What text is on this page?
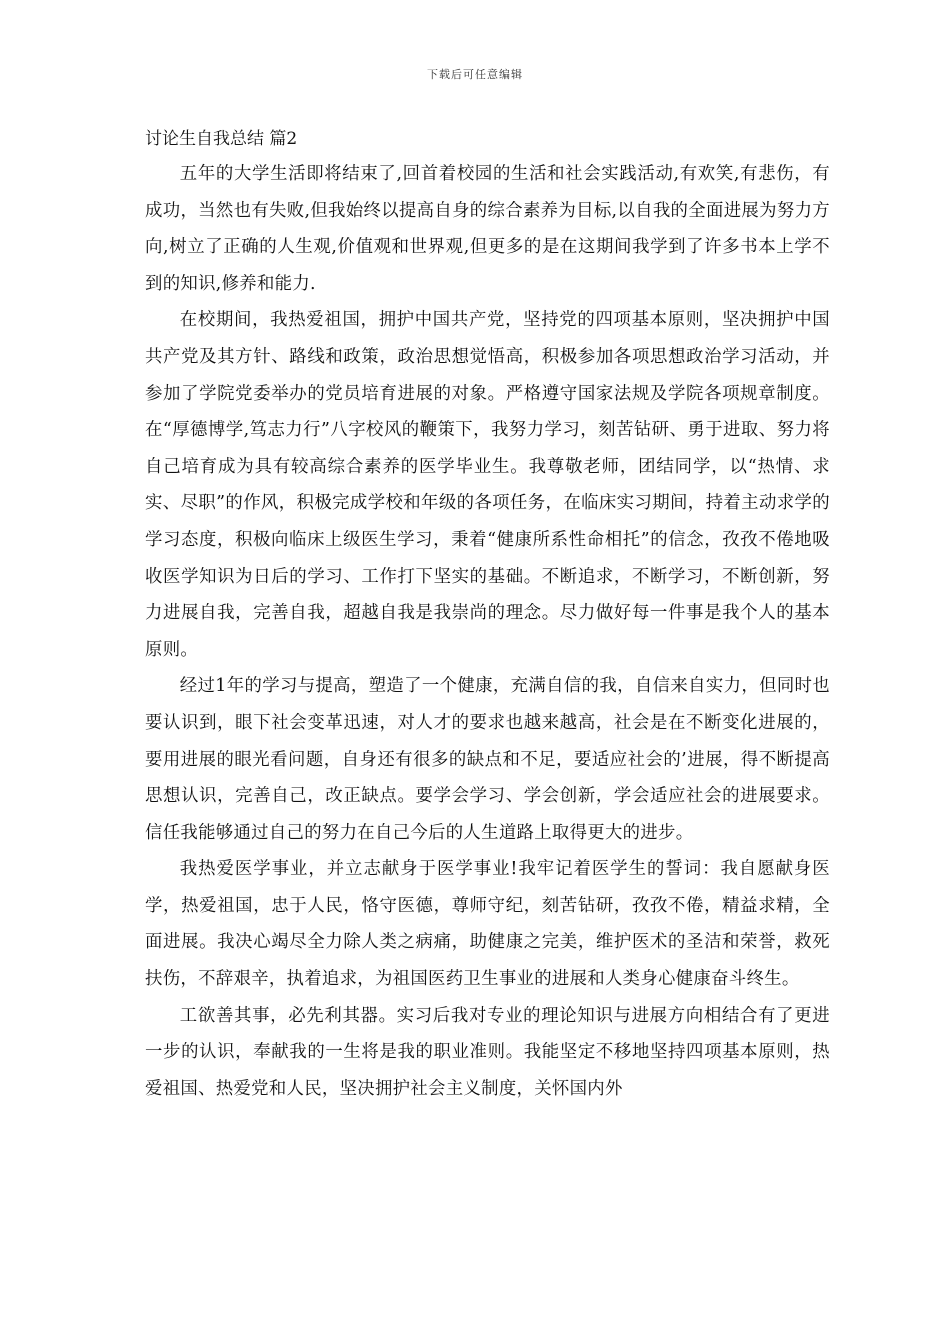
下载后可任意编辑
讨论生自我总结 篇2

五年的大学生活即将结束了,回首着校园的生活和社会实践活动,有欢笑,有悲伤，有成功，当然也有失败,但我始终以提高自身的综合素养为目标,以自我的全面进展为努力方向,树立了正确的人生观,价值观和世界观,但更多的是在这期间我学到了许多书本上学不到的知识,修养和能力.

在校期间，我热爱祖国，拥护中国共产党，坚持党的四项基本原则，坚决拥护中国共产党及其方针、路线和政策，政治思想觉悟高，积极参加各项思想政治学习活动，并参加了学院党委举办的党员培育进展的对象。严格遵守国家法规及学院各项规章制度。在“厚德博学,笃志力行”八字校风的鞭策下，我努力学习，刻苦钻研、勇于进取、努力将自己培育成为具有较高综合素养的医学毕业生。我尊敬老师，团结同学，以“热情、求实、尽职”的作风，积极完成学校和年级的各项任务，在临床实习期间，持着主动求学的学习态度，积极向临床上级医生学习，秉着“健康所系性命相托”的信念，孜孜不倦地吸收医学知识为日后的学习、工作打下坚实的基础。不断追求，不断学习，不断创新，努力进展自我，完善自我，超越自我是我崇尚的理念。尽力做好每一件事是我个人的基本原则。

经过1年的学习与提高，塑造了一个健康，充满自信的我，自信来自实力，但同时也要认识到，眼下社会变革迅速，对人才的要求也越来越高，社会是在不断变化进展的，要用进展的眼光看问题，自身还有很多的缺点和不足，要适应社会的’进展，得不断提高思想认识，完善自己，改正缺点。要学会学习、学会创新，学会适应社会的进展要求。信任我能够通过自己的努力在自己今后的人生道路上取得更大的进步。

我热爱医学事业，并立志献身于医学事业!我牢记着医学生的誓词：我自愿献身医学，热爱祖国，忠于人民，恪守医德，尊师守纪，刻苦钻研，孜孜不倦，精益求精，全面进展。我决心竭尽全力除人类之病痛，助健康之完美，维护医术的圣洁和荣誉，救死扶伤，不辞艰辛，执着追求，为祖国医药卫生事业的进展和人类身心健康奋斗终生。

工欲善其事，必先利其器。实习后我对专业的理论知识与进展方向相结合有了更进一步的认识，奉献我的一生将是我的职业准则。我能坚定不移地坚持四项基本原则，热爱祖国、热爱党和人民，坚决拥护社会主义制度，关怀国内外
